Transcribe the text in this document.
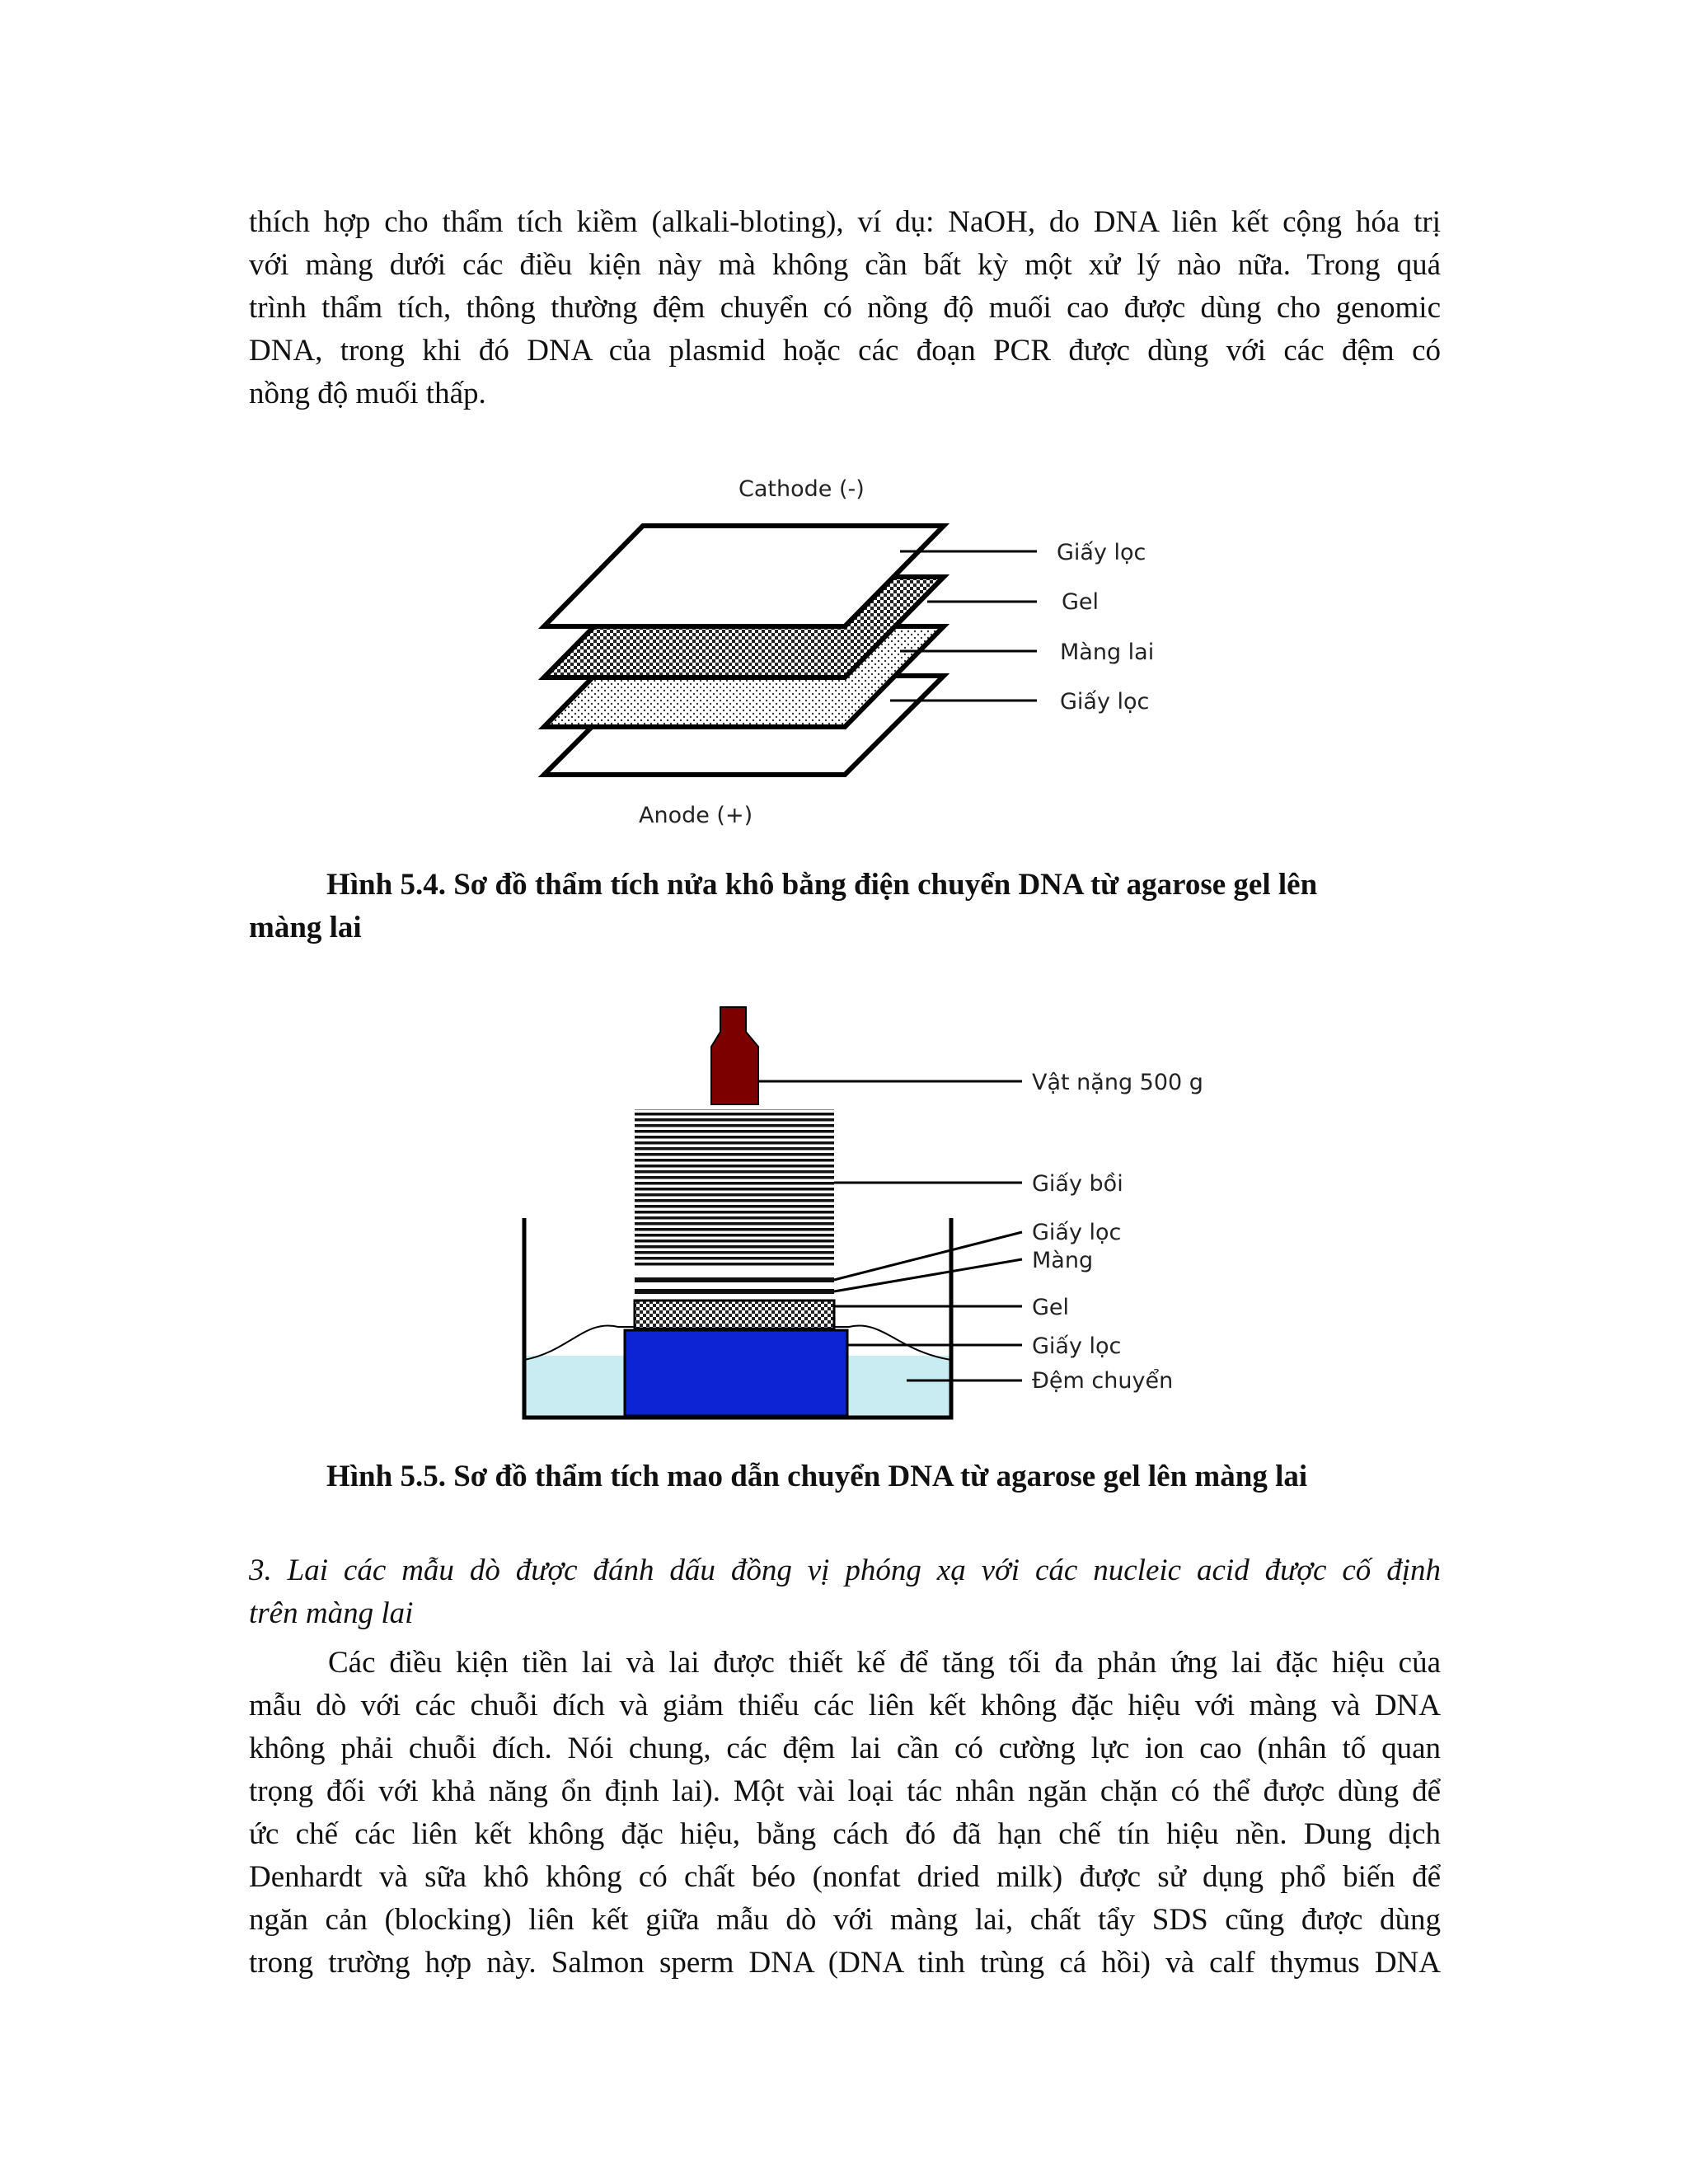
thích hợp cho thẩm tích kiềm (alkali-bloting), ví dụ: NaOH, do DNA liên kết cộng hóa trị
với màng dưới các điều kiện này mà không cần bất kỳ một xử lý nào nữa. Trong quá
trình thẩm tích, thông thường đệm chuyển có nồng độ muối cao được dùng cho genomic
DNA, trong khi đó DNA của plasmid hoặc các đoạn PCR được dùng với các đệm có
nồng độ muối thấp.
Cathode (-)
Giấy lọc
Gel
Màng lai
Giấy lọc
Anode (+)
Hình 5.4. Sơ đồ thẩm tích nửa khô bằng điện chuyển DNA từ agarose gel lên
màng lai
Vật nặng 500 g
Giấy bồi
Giấy lọc
Màng
Gel
Giấy lọc
Đệm chuyển
Hình 5.5. Sơ đồ thẩm tích mao dẫn chuyển DNA từ agarose gel lên màng lai
3. Lai các mẫu dò được đánh dấu đồng vị phóng xạ với các nucleic acid được cố định
trên màng lai
Các điều kiện tiền lai và lai được thiết kế để tăng tối đa phản ứng lai đặc hiệu của
mẫu dò với các chuỗi đích và giảm thiểu các liên kết không đặc hiệu với màng và DNA
không phải chuỗi đích. Nói chung, các đệm lai cần có cường lực ion cao (nhân tố quan
trọng đối với khả năng ổn định lai). Một vài loại tác nhân ngăn chặn có thể được dùng để
ức chế các liên kết không đặc hiệu, bằng cách đó đã hạn chế tín hiệu nền. Dung dịch
Denhardt và sữa khô không có chất béo (nonfat dried milk) được sử dụng phổ biến để
ngăn cản (blocking) liên kết giữa mẫu dò với màng lai, chất tẩy SDS cũng được dùng
trong trường hợp này. Salmon sperm DNA (DNA tinh trùng cá hồi) và calf thymus DNA
